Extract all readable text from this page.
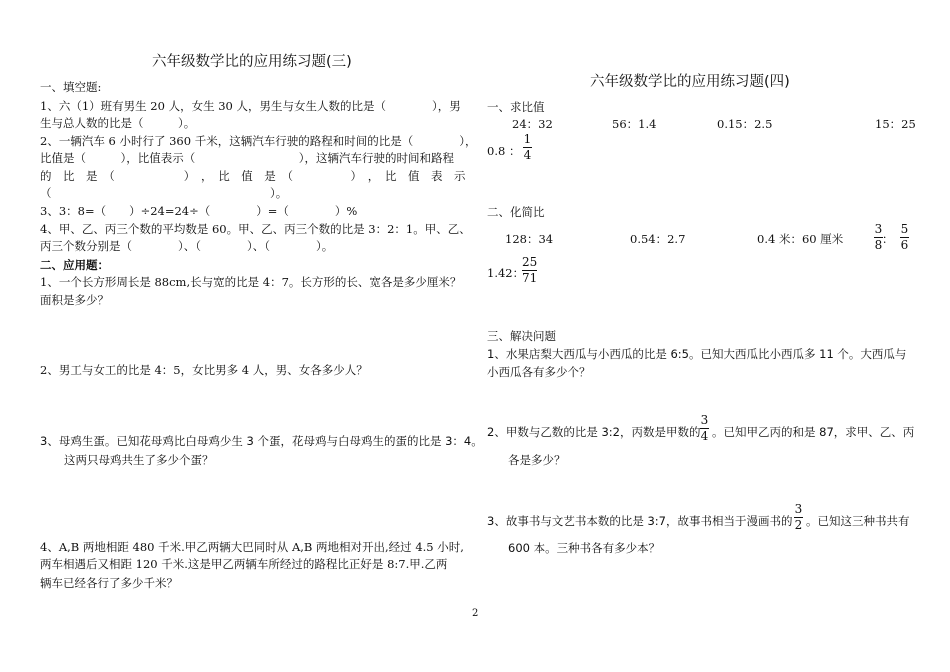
六年级数学比的应用练习题(三)
一、填空题:
1、六（1）班有男生 20 人，女生 30 人，男生与女生人数的比是（　　　　），男
生与总人数的比是（　　　）。
2、一辆汽车 6 小时行了 360 千米，这辆汽车行驶的路程和时间的比是（　　　　），
比值是（　　　），比值表示（　　　　　　　　　），这辆汽车行驶的时间和路程
的　比　是　（　　　　　　）　，　比　值　是　（　　　　　）　，　比　值　表　示
（　　　　　　　　　　　　　　　　　　　）。
3、3：8=（　　）÷24=24÷（　　　　）=（　　　　）%
4、甲、乙、丙三个数的平均数是 60。甲、乙、丙三个数的比是 3：2：1。甲、乙、
丙三个数分别是（　　　　）、（　　　　）、（　　　　）。
二、应用题：
1、一个长方形周长是 88cm,长与宽的比是 4：7。长方形的长、宽各是多少厘米？
面积是多少？
2、男工与女工的比是 4：5，女比男多 4 人，男、女各多少人？
3、母鸡生蛋。已知花母鸡比白母鸡少生 3 个蛋，花母鸡与白母鸡生的蛋的比是 3：4。
这两只母鸡共生了多少个蛋？
4、A,B 两地相距 480 千米.甲乙两辆大巴同时从 A,B 两地相对开出,经过 4.5 小时,
两车相遇后又相距 120 千米.这是甲乙两辆车所经过的路程比正好是 8:7.甲.乙两
辆车已经各行了多少千米？
六年级数学比的应用练习题(四)
一、求比值
24：32	56：1.4	0.15：2.5	15：25
0.8 ：
1
4
二、化简比
128：34	0.54：2.7	0.4 米：60 厘米
3
8 ：
5
6
1.42：
25
71
三、解决问题
1、水果店梨大西瓜与小西瓜的比是 6:5。已知大西瓜比小西瓜多 11 个。大西瓜与
小西瓜各有多少个？
2、甲数与乙数的比是 3:2，丙数是甲数的
3
4 。已知甲乙丙的和是 87，求甲、乙、丙
各是多少？
3、故事书与文艺书本数的比是 3:7，故事书相当于漫画书的
3
2 。已知这三种书共有
600 本。三种书各有多少本？
2
